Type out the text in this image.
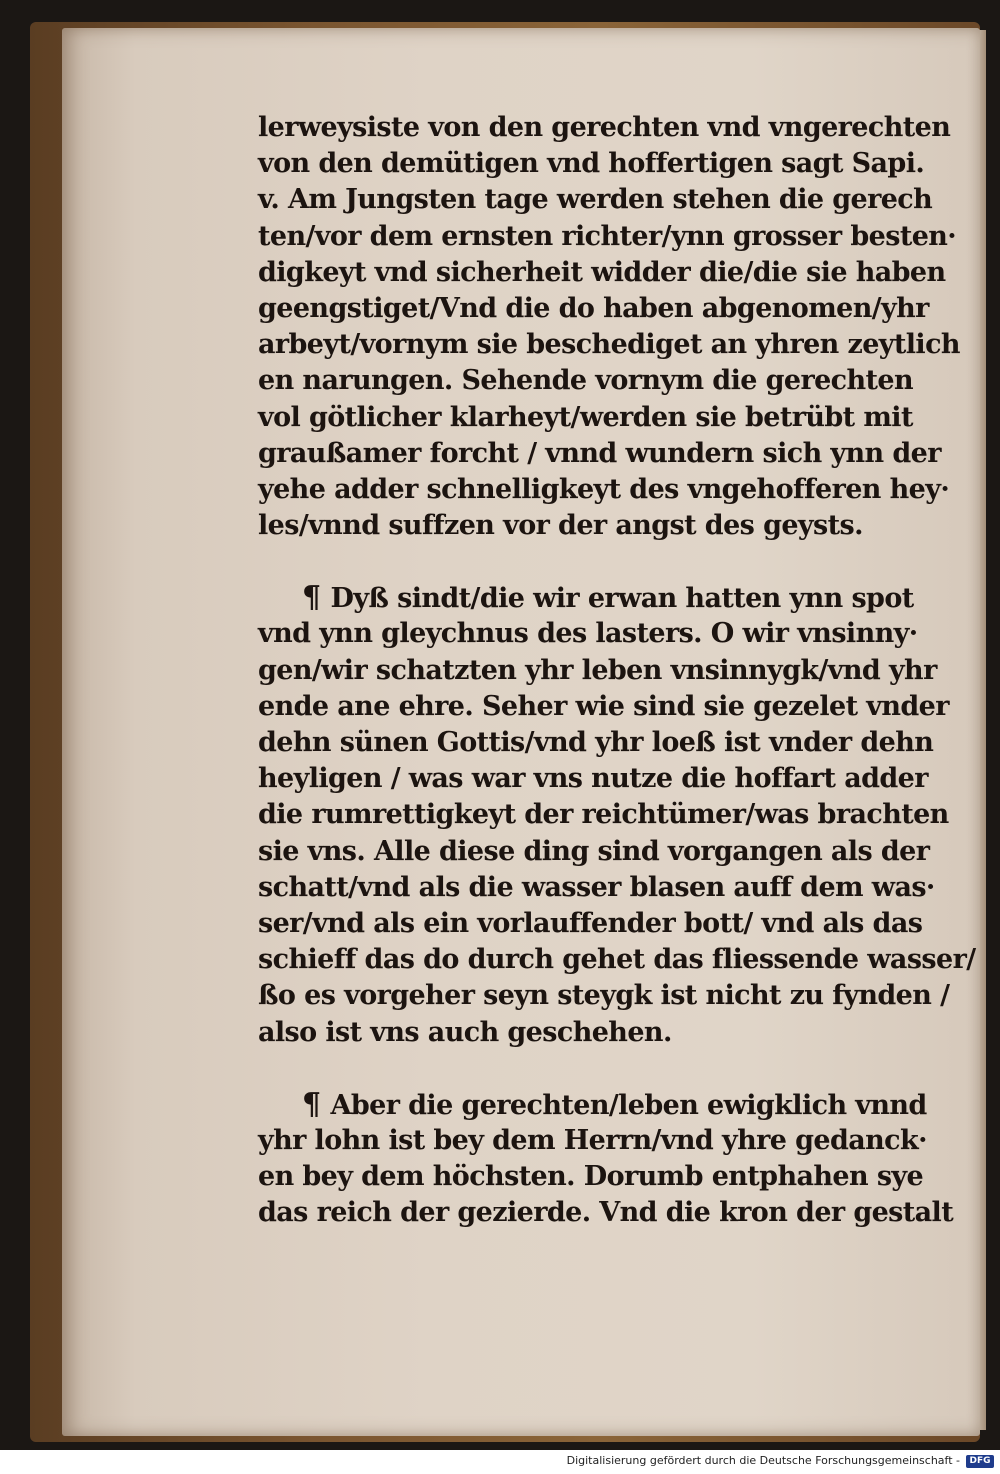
lerweysiste von den gerechten vnd vngerechten
von den demütigen vnd hoffertigen sagt Sapi.
v. Am Jungsten tage werden stehen die gerech
ten/vor dem ernsten richter/ynn grosser besten·
digkeyt vnd sicherheit widder die/die sie haben
geengstiget/Vnd die do haben abgenomen/yhr
arbeyt/vornym sie beschediget an yhren zeytlich
en narungen. Sehende vornym die gerechten
vol götlicher klarheyt/werden sie betrübt mit
graußamer forcht / vnnd wundern sich ynn der
yehe adder schnelligkeyt des vngehofferen hey·
les/vnnd suffzen vor der angst des geysts.
¶ Dyß sindt/die wir erwan hatten ynn spot
vnd ynn gleychnus des lasters. O wir vnsinny·
gen/wir schatzten yhr leben vnsinnygk/vnd yhr
ende ane ehre. Seher wie sind sie gezelet vnder
dehn sünen Gottis/vnd yhr loeß ist vnder dehn
heyligen / was war vns nutze die hoffart adder
die rumrettigkeyt der reichtümer/was brachten
sie vns. Alle diese ding sind vorgangen als der
schatt/vnd als die wasser blasen auff dem was·
ser/vnd als ein vorlauffender bott/ vnd als das
schieff das do durch gehet das fliessende wasser/
ßo es vorgeher seyn steygk ist nicht zu fynden /
also ist vns auch geschehen.
¶ Aber die gerechten/leben ewigklich vnnd
yhr lohn ist bey dem Herrn/vnd yhre gedanck·
en bey dem höchsten. Dorumb entphahen sye
das reich der gezierde. Vnd die kron der gestalt
Digitalisierung gefördert durch die Deutsche Forschungsgemeinschaft -	DFG
